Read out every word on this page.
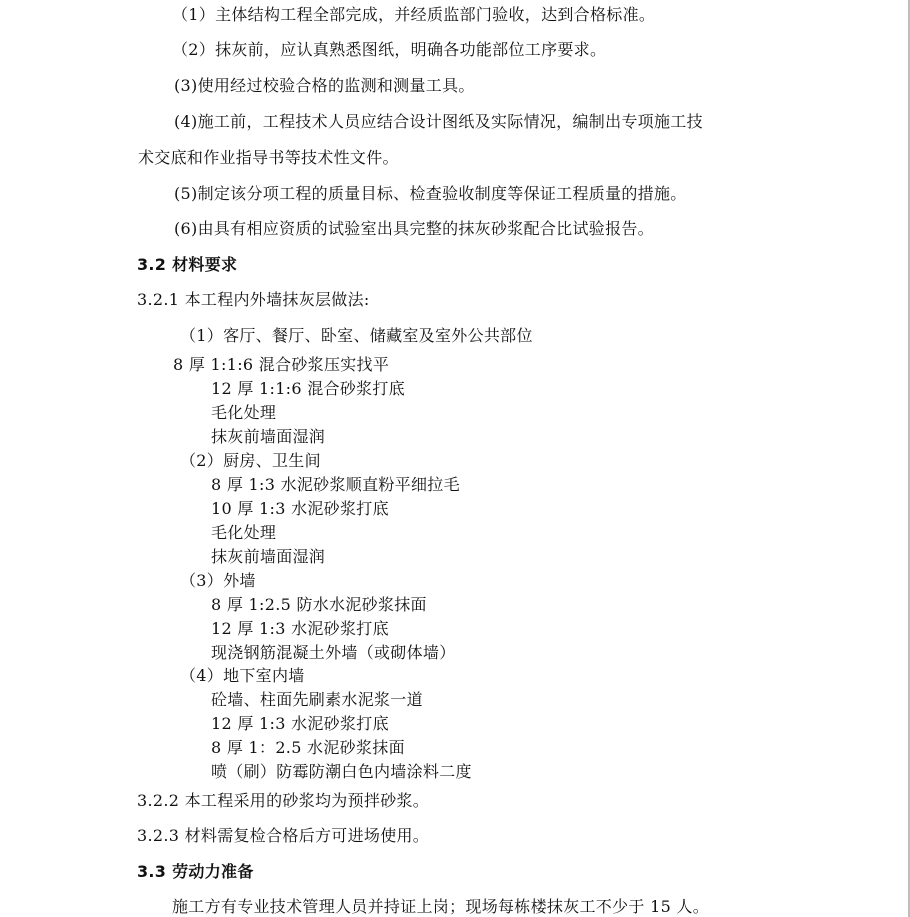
（1）主体结构工程全部完成，并经质监部门验收，达到合格标准。
（2）抹灰前，应认真熟悉图纸，明确各功能部位工序要求。
(3)使用经过校验合格的监测和测量工具。
(4)施工前，工程技术人员应结合设计图纸及实际情况，编制出专项施工技
术交底和作业指导书等技术性文件。
(5)制定该分项工程的质量目标、检查验收制度等保证工程质量的措施。
(6)由具有相应资质的试验室出具完整的抹灰砂浆配合比试验报告。
3.2 材料要求
3.2.1 本工程内外墙抹灰层做法:
（1）客厅、餐厅、卧室、储藏室及室外公共部位
8 厚 1:1:6 混合砂浆压实找平
12 厚 1:1:6 混合砂浆打底
毛化处理
抹灰前墙面湿润
（2）厨房、卫生间
8 厚 1:3 水泥砂浆顺直粉平细拉毛
10 厚 1:3 水泥砂浆打底
毛化处理
抹灰前墙面湿润
（3）外墙
8 厚 1:2.5 防水水泥砂浆抹面
12 厚 1:3 水泥砂浆打底
现浇钢筋混凝土外墙（或砌体墙）
（4）地下室内墙
砼墙、柱面先刷素水泥浆一道
12 厚 1:3 水泥砂浆打底
8 厚 1：2.5 水泥砂浆抹面
喷（刷）防霉防潮白色内墙涂料二度
3.2.2 本工程采用的砂浆均为预拌砂浆。
3.2.3 材料需复检合格后方可进场使用。
3.3 劳动力准备
施工方有专业技术管理人员并持证上岗；现场每栋楼抹灰工不少于 15 人。
